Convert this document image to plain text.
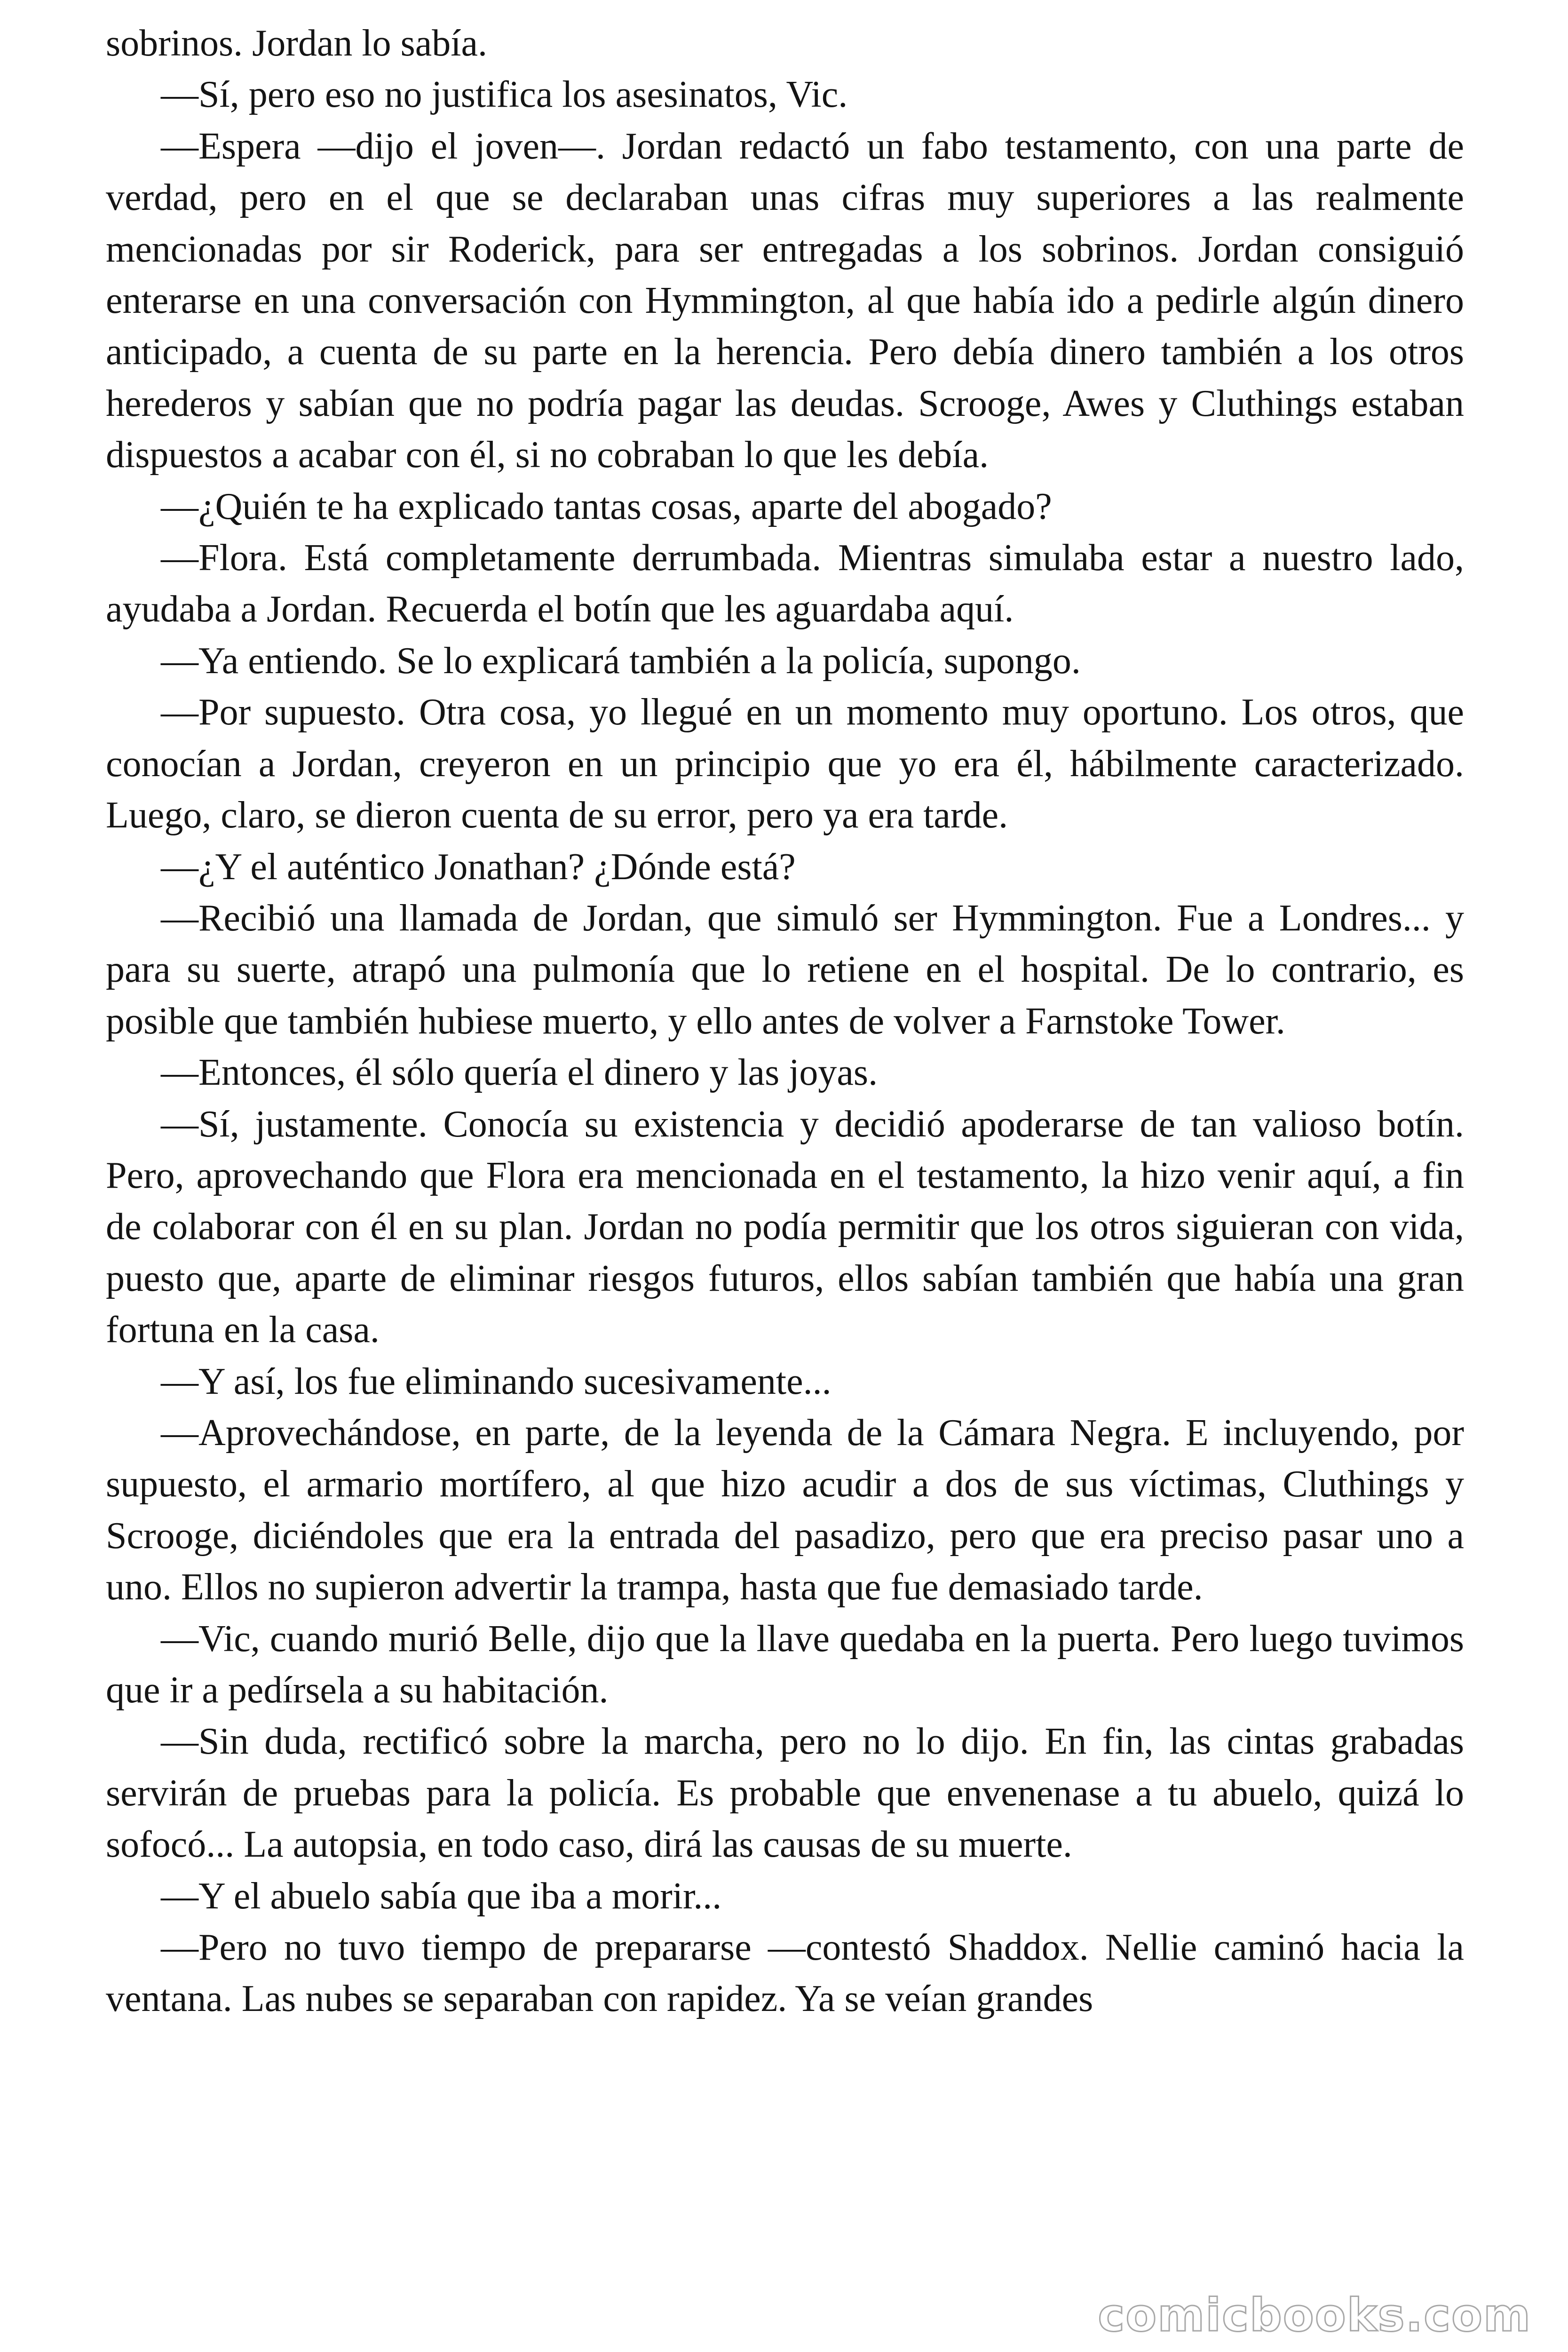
sobrinos. Jordan lo sabía.

—Sí, pero eso no justifica los asesinatos, Vic.

—Espera —dijo el joven—. Jordan redactó un fabo testamento, con una parte de verdad, pero en el que se declaraban unas cifras muy superiores a las realmente mencionadas por sir Roderick, para ser entregadas a los sobrinos. Jordan consiguió enterarse en una conversación con Hymmington, al que había ido a pedirle algún dinero anticipado, a cuenta de su parte en la herencia. Pero debía dinero también a los otros herederos y sabían que no podría pagar las deudas. Scrooge, Awes y Cluthings estaban dispuestos a acabar con él, si no cobraban lo que les debía.

—¿Quién te ha explicado tantas cosas, aparte del abogado?

—Flora. Está completamente derrumbada. Mientras simulaba estar a nuestro lado, ayudaba a Jordan. Recuerda el botín que les aguardaba aquí.

—Ya entiendo. Se lo explicará también a la policía, supongo.

—Por supuesto. Otra cosa, yo llegué en un momento muy oportuno. Los otros, que conocían a Jordan, creyeron en un principio que yo era él, hábilmente caracterizado. Luego, claro, se dieron cuenta de su error, pero ya era tarde.

—¿Y el auténtico Jonathan? ¿Dónde está?

—Recibió una llamada de Jordan, que simuló ser Hymmington. Fue a Londres... y para su suerte, atrapó una pulmonía que lo retiene en el hospital. De lo contrario, es posible que también hubiese muerto, y ello antes de volver a Farnstoke Tower.

—Entonces, él sólo quería el dinero y las joyas.

—Sí, justamente. Conocía su existencia y decidió apoderarse de tan valioso botín. Pero, aprovechando que Flora era mencionada en el testamento, la hizo venir aquí, a fin de colaborar con él en su plan. Jordan no podía permitir que los otros siguieran con vida, puesto que, aparte de eliminar riesgos futuros, ellos sabían también que había una gran fortuna en la casa.

—Y así, los fue eliminando sucesivamente...

—Aprovechándose, en parte, de la leyenda de la Cámara Negra. E incluyendo, por supuesto, el armario mortífero, al que hizo acudir a dos de sus víctimas, Cluthings y Scrooge, diciéndoles que era la entrada del pasadizo, pero que era preciso pasar uno a uno. Ellos no supieron advertir la trampa, hasta que fue demasiado tarde.

—Vic, cuando murió Belle, dijo que la llave quedaba en la puerta. Pero luego tuvimos que ir a pedírsela a su habitación.

—Sin duda, rectificó sobre la marcha, pero no lo dijo. En fin, las cintas grabadas servirán de pruebas para la policía. Es probable que envenenase a tu abuelo, quizá lo sofocó... La autopsia, en todo caso, dirá las causas de su muerte.

—Y el abuelo sabía que iba a morir...

—Pero no tuvo tiempo de prepararse —contestó Shaddox. Nellie caminó hacia la ventana. Las nubes se separaban con rapidez. Ya se veían grandes

comicbooks.com
